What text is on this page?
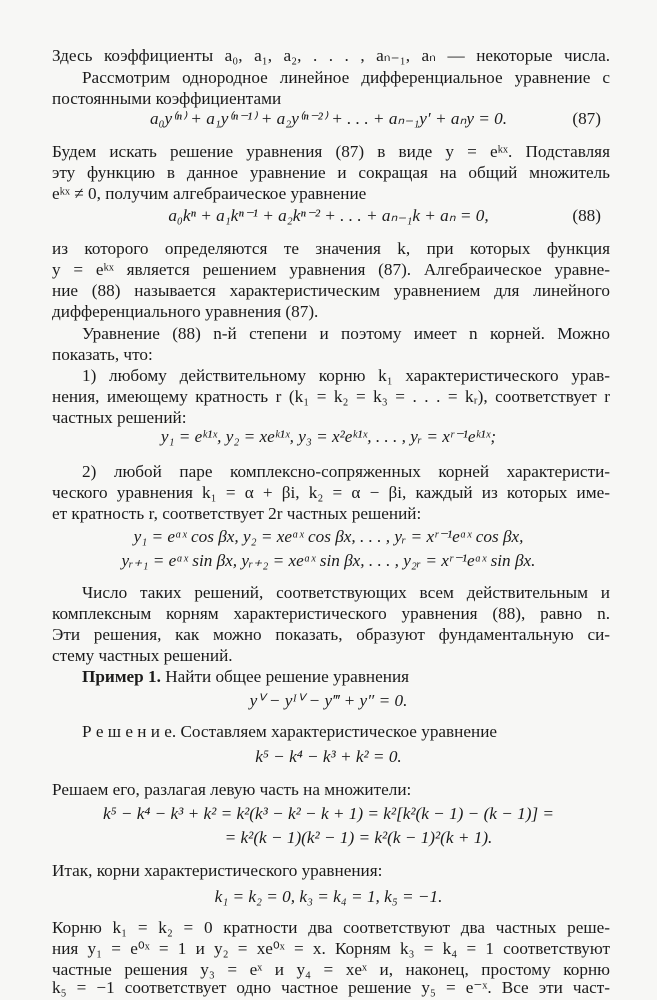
Здесь коэффициенты a₀, a₁, a₂, . . . , aₙ₋₁, aₙ — некоторые числа.
Рассмотрим однородное линейное дифференциальное уравнение с
постоянными коэффициентами
a₀y⁽ⁿ⁾ + a₁y⁽ⁿ⁻¹⁾ + a₂y⁽ⁿ⁻²⁾ + . . . + aₙ₋₁y′ + aₙy = 0.	(87)
Будем искать решение уравнения (87) в виде y = eᵏˣ. Подставляя
эту функцию в данное уравнение и сокращая на общий множитель
eᵏˣ ≠ 0, получим алгебраическое уравнение
a₀kⁿ + a₁kⁿ⁻¹ + a₂kⁿ⁻² + . . . + aₙ₋₁k + aₙ = 0,	(88)
из которого определяются те значения k, при которых функция
y = eᵏˣ является решением уравнения (87). Алгебраическое уравне-
ние (88) называется характеристическим уравнением для линейного
дифференциального уравнения (87).
Уравнение (88) n-й степени и поэтому имеет n корней. Можно
показать, что:
1) любому действительному корню k₁ характеристического урав-
нения, имеющему кратность r (k₁ = k₂ = k₃ = . . . = kᵣ), соответствует r
частных решений:
y₁ = eᵏ¹ˣ, y₂ = xeᵏ¹ˣ, y₃ = x²eᵏ¹ˣ, . . . , yᵣ = xʳ⁻¹eᵏ¹ˣ;
2) любой паре комплексно-сопряженных корней характеристи-
ческого уравнения k₁ = α + βi, k₂ = α − βi, каждый из которых име-
ет кратность r, соответствует 2r частных решений:
y₁ = eᵅˣ cos βx, y₂ = xeᵅˣ cos βx, . . . , yᵣ = xʳ⁻¹eᵅˣ cos βx,
yᵣ₊₁ = eᵅˣ sin βx, yᵣ₊₂ = xeᵅˣ sin βx, . . . , y₂ᵣ = xʳ⁻¹eᵅˣ sin βx.
Число таких решений, соответствующих всем действительным и
комплексным корням характеристического уравнения (88), равно n.
Эти решения, как можно показать, образуют фундаментальную си-
стему частных решений.
Пример 1. Найти общее решение уравнения
yⱽ − yᴵⱽ − y‴ + y″ = 0.
Р е ш е н и е. Составляем характеристическое уравнение
k⁵ − k⁴ − k³ + k² = 0.
Решаем его, разлагая левую часть на множители:
k⁵ − k⁴ − k³ + k² = k²(k³ − k² − k + 1) = k²[k²(k − 1) − (k − 1)] =
= k²(k − 1)(k² − 1) = k²(k − 1)²(k + 1).
Итак, корни характеристического уравнения:
k₁ = k₂ = 0, k₃ = k₄ = 1, k₅ = −1.
Корню k₁ = k₂ = 0 кратности два соответствуют два частных реше-
ния y₁ = e⁰ˣ = 1 и y₂ = xe⁰ˣ = x. Корням k₃ = k₄ = 1 соответствуют
частные решения y₃ = eˣ и y₄ = xeˣ и, наконец, простому корню
k₅ = −1 соответствует одно частное решение y₅ = e⁻ˣ. Все эти част-
